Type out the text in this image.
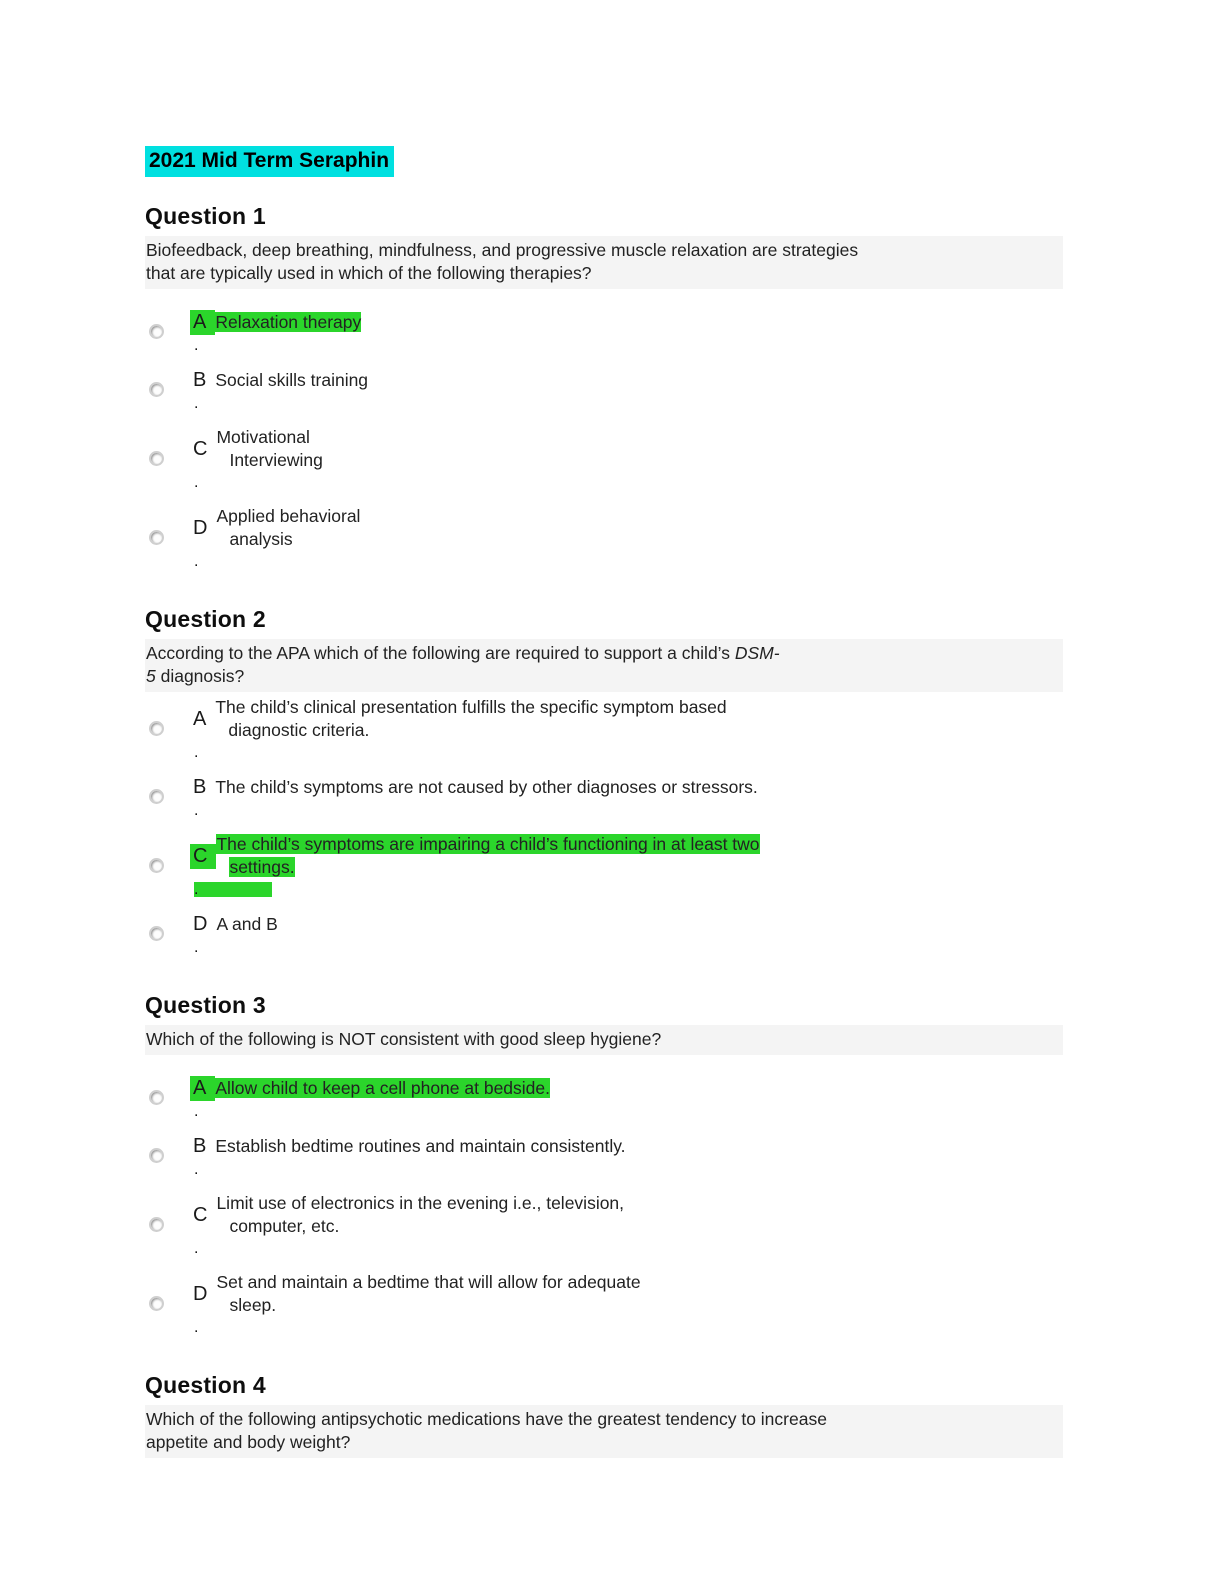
2021 Mid Term Seraphin
Question 1
Biofeedback, deep breathing, mindfulness, and progressive muscle relaxation are strategies
that are typically used in which of the following therapies?
A Relaxation therapy
.
B Social skills training
.
C
Motivational
Interviewing
.
D
Applied behavioral
analysis
.
Question 2
According to the APA which of the following are required to support a child’s DSM-
5 diagnosis?
A
The child’s clinical presentation fulfills the specific symptom based
diagnostic criteria.
.
B The child’s symptoms are not caused by other diagnoses or stressors.
.
C
The child’s symptoms are impairing a child’s functioning in at least two
settings.
.
D A and B
.
Question 3
Which of the following is NOT consistent with good sleep hygiene?
A Allow child to keep a cell phone at bedside.
.
B Establish bedtime routines and maintain consistently.
.
C
Limit use of electronics in the evening i.e., television,
computer, etc.
.
D
Set and maintain a bedtime that will allow for adequate
sleep.
.
Question 4
Which of the following antipsychotic medications have the greatest tendency to increase
appetite and body weight?
